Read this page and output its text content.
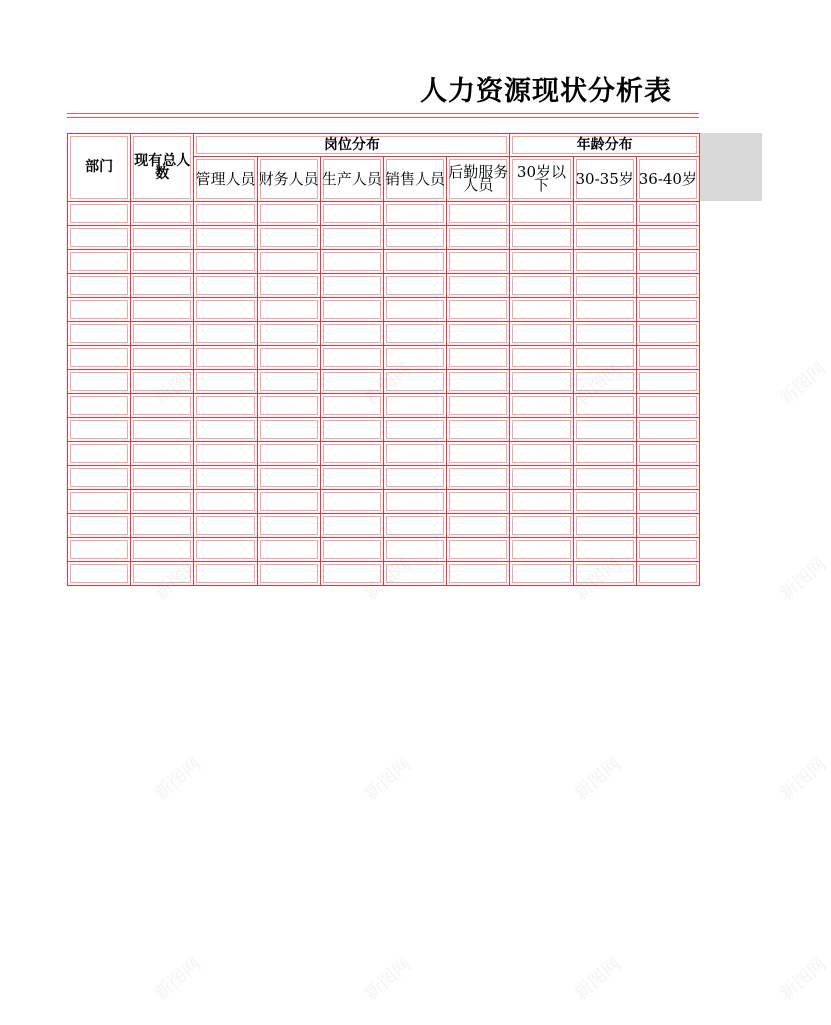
人力资源现状分析表
部门	现有总人数	岗位分布					年龄分布		
		管理人员	财务人员	生产人员	销售人员	后勤服务人员	30岁以下	30-35岁	36-40岁

新图网	新图网	新图网	新图网
新图网	新图网	新图网	新图网
新图网	新图网	新图网	新图网
新图网	新图网	新图网	新图网
